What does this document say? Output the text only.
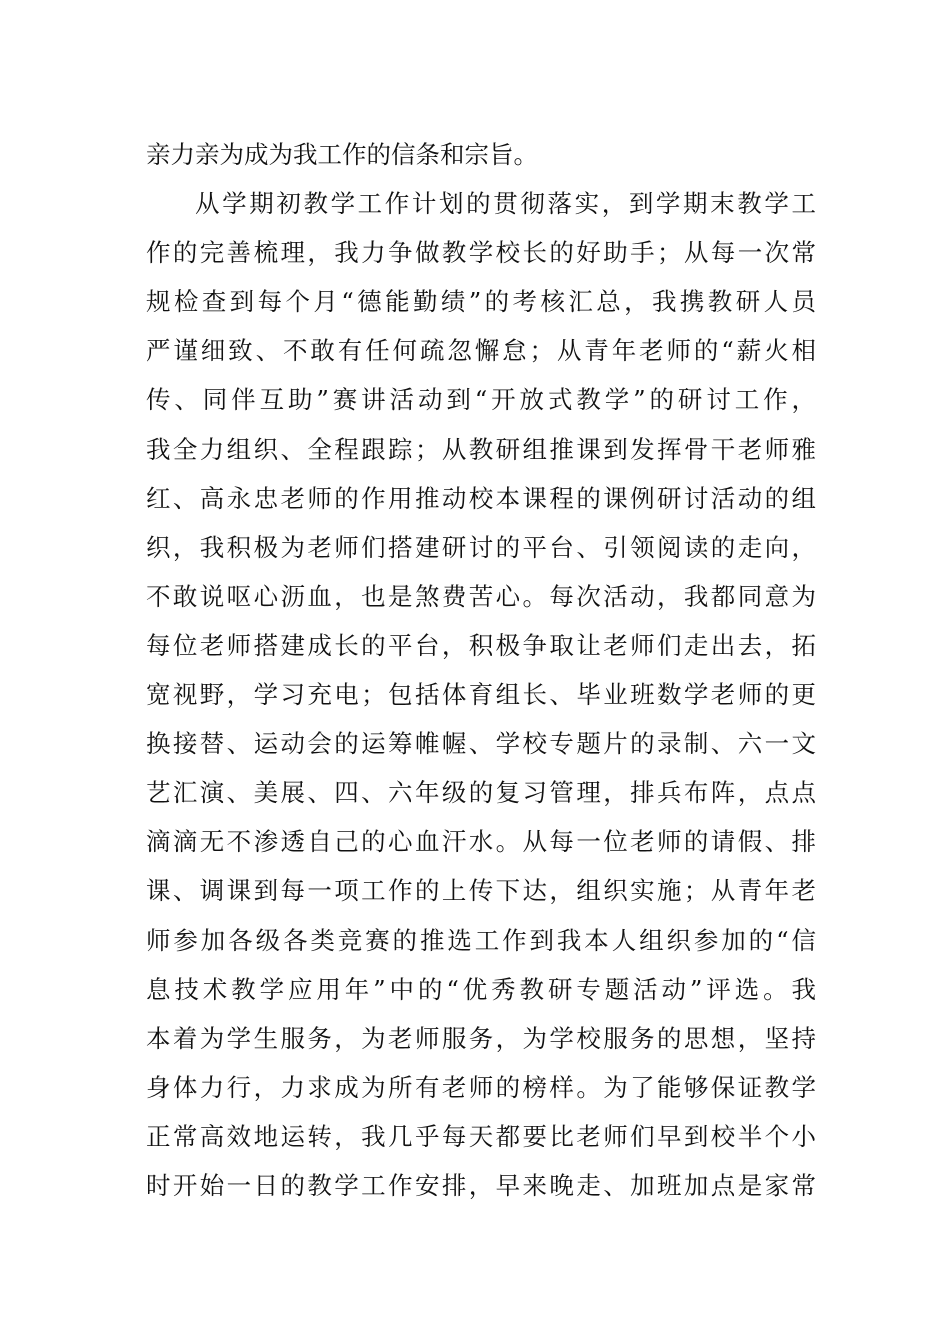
亲力亲为成为我工作的信条和宗旨。
从学期初教学工作计划的贯彻落实，到学期末教学工
作的完善梳理，我力争做教学校长的好助手；从每一次常
规检查到每个月“德能勤绩”的考核汇总，我携教研人员
严谨细致、不敢有任何疏忽懈怠；从青年老师的“薪火相
传、同伴互助”赛讲活动到“开放式教学”的研讨工作，
我全力组织、全程跟踪；从教研组推课到发挥骨干老师雅
红、高永忠老师的作用推动校本课程的课例研讨活动的组
织，我积极为老师们搭建研讨的平台、引领阅读的走向，
不敢说呕心沥血，也是煞费苦心。每次活动，我都同意为
每位老师搭建成长的平台，积极争取让老师们走出去，拓
宽视野，学习充电；包括体育组长、毕业班数学老师的更
换接替、运动会的运筹帷幄、学校专题片的录制、六一文
艺汇演、美展、四、六年级的复习管理，排兵布阵，点点
滴滴无不渗透自己的心血汗水。从每一位老师的请假、排
课、调课到每一项工作的上传下达，组织实施；从青年老
师参加各级各类竞赛的推选工作到我本人组织参加的“信
息技术教学应用年”中的“优秀教研专题活动”评选。我
本着为学生服务，为老师服务，为学校服务的思想，坚持
身体力行，力求成为所有老师的榜样。为了能够保证教学
正常高效地运转，我几乎每天都要比老师们早到校半个小
时开始一日的教学工作安排，早来晚走、加班加点是家常
